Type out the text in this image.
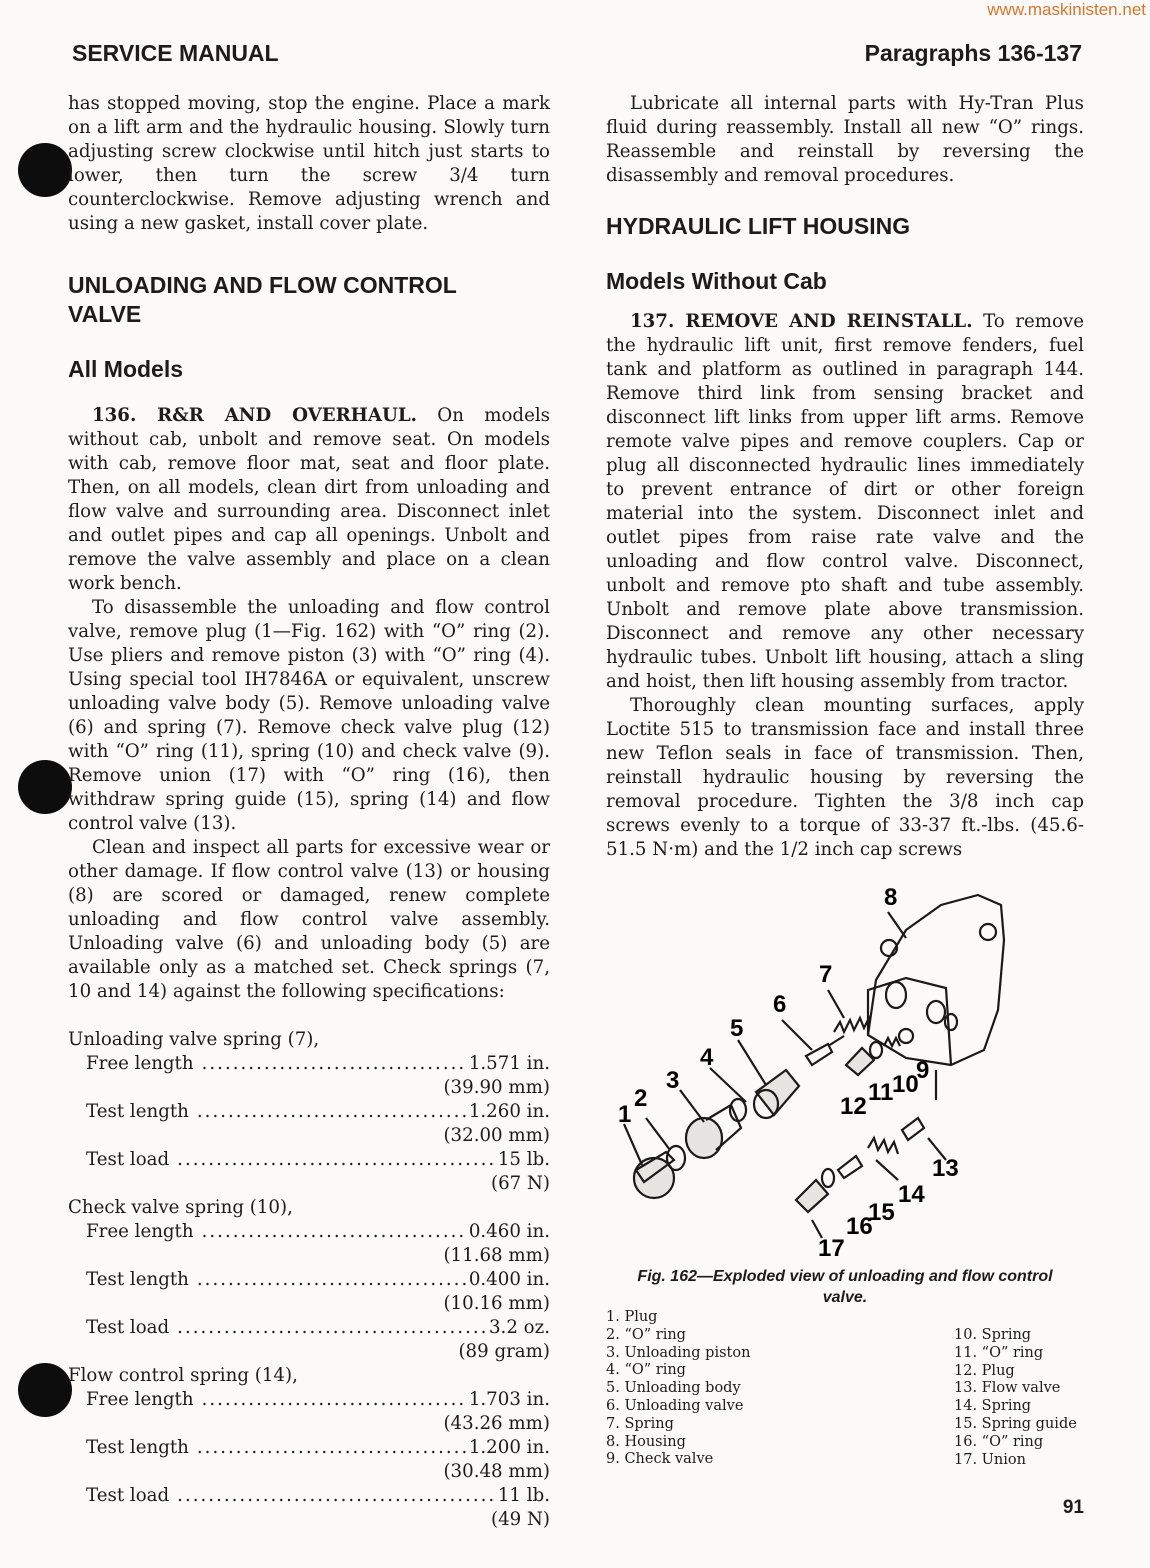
www.maskinisten.net
SERVICE MANUAL	Paragraphs 136-137

has stopped moving, stop the engine. Place a mark on a lift arm and the hydraulic housing. Slowly turn adjusting screw clockwise until hitch just starts to lower, then turn the screw 3/4 turn counterclockwise. Remove adjusting wrench and using a new gasket, install cover plate.

UNLOADING AND FLOW CONTROL
VALVE

All Models

136. R&R AND OVERHAUL. On models without cab, unbolt and remove seat. On models with cab, remove floor mat, seat and floor plate. Then, on all models, clean dirt from unloading and flow valve and surrounding area. Disconnect inlet and outlet pipes and cap all openings. Unbolt and remove the valve assembly and place on a clean work bench.

To disassemble the unloading and flow control valve, remove plug (1—Fig. 162) with “O” ring (2). Use pliers and remove piston (3) with “O” ring (4). Using special tool IH7846A or equivalent, unscrew unloading valve body (5). Remove unloading valve (6) and spring (7). Remove check valve plug (12) with “O” ring (11), spring (10) and check valve (9). Remove union (17) with “O” ring (16), then withdraw spring guide (15), spring (14) and flow control valve (13).

Clean and inspect all parts for excessive wear or other damage. If flow control valve (13) or housing (8) are scored or damaged, renew complete unloading and flow control valve assembly. Unloading valve (6) and unloading body (5) are available only as a matched set. Check springs (7, 10 and 14) against the following specifications:

Unloading valve spring (7),

Free length .....	1.571 in.
(39.90 mm)
Test length .....	1.260 in.
(32.00 mm)
Test load .....	15 lb.
(67 N)

Check valve spring (10),

Free length .....	0.460 in.
(11.68 mm)
Test length .....	0.400 in.
(10.16 mm)
Test load .....	3.2 oz.
(89 gram)

Flow control spring (14),

Free length .....	1.703 in.
(43.26 mm)
Test length .....	1.200 in.
(30.48 mm)
Test load .....	11 lb.
(49 N)

Lubricate all internal parts with Hy-Tran Plus fluid during reassembly. Install all new “O” rings. Reassemble and reinstall by reversing the disassembly and removal procedures.

HYDRAULIC LIFT HOUSING

Models Without Cab

137. REMOVE AND REINSTALL. To remove the hydraulic lift unit, first remove fenders, fuel tank and platform as outlined in paragraph 144. Remove third link from sensing bracket and disconnect lift links from upper lift arms. Remove remote valve pipes and remove couplers. Cap or plug all disconnected hydraulic lines immediately to prevent entrance of dirt or other foreign material into the system. Disconnect inlet and outlet pipes from raise rate valve and the unloading and flow control valve. Disconnect, unbolt and remove pto shaft and tube assembly. Unbolt and remove plate above transmission. Disconnect and remove any other necessary hydraulic tubes. Unbolt lift housing, attach a sling and hoist, then lift housing assembly from tractor.

Thoroughly clean mounting surfaces, apply Loctite 515 to transmission face and install three new Teflon seals in face of transmission. Then, reinstall hydraulic housing by reversing the removal procedure. Tighten the 3/8 inch cap screws evenly to a torque of 33-37 ft.-lbs. (45.6-51.5 N·m) and the 1/2 inch cap screws

8
7
6
5
4
3
2
1
9
10
11
12
13
14
15
16
17
Fig. 162—Exploded view of unloading and flow control
valve.
1. Plug
2. “O” ring
3. Unloading piston
4. “O” ring
5. Unloading body
6. Unloading valve
7. Spring
8. Housing
9. Check valve
10. Spring
11. “O” ring
12. Plug
13. Flow valve
14. Spring
15. Spring guide
16. “O” ring
17. Union
91
